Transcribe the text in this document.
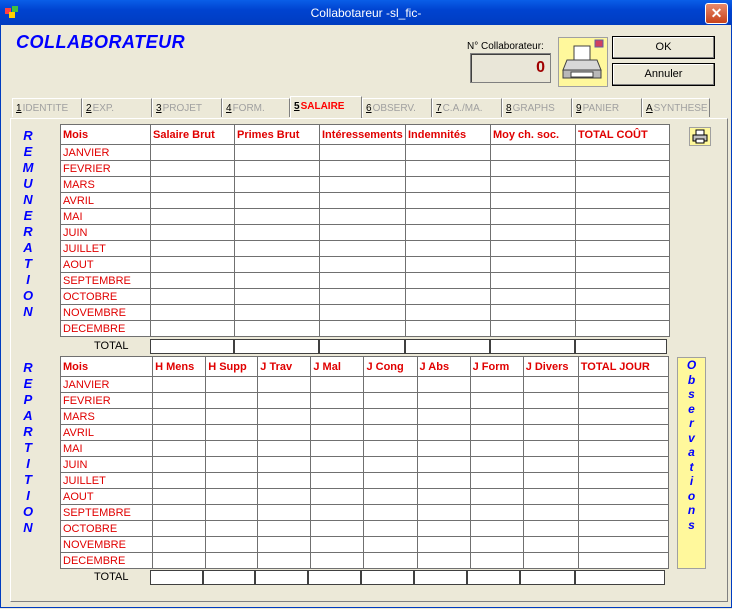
Collabotareur -sl_fic-	✕
COLLABORATEUR	N° Collaborateur:
0
OK
Annuler
1IDENTITE	2EXP.	3PROJET	4FORM.	5SALAIRE	6OBSERV.	7C.A./MA.	8GRAPHS	9PANIER	ASYNTHESE
R
E
M
U
N
E
R
A
T
I
O
N
R
E
P
A
R
T
I
T
I
O
N
Mois	Salaire Brut	Primes Brut	Intéressements	Indemnités	Moy ch. soc.	TOTAL COÛT
JANVIER						
FEVRIER						
MARS						
AVRIL						
MAI						
JUIN						
JUILLET						
AOUT						
SEPTEMBRE						
OCTOBRE						
NOVEMBRE						
DECEMBRE						
TOTAL
Mois	H Mens	H Supp	J Trav	J Mal	J Cong	J Abs	J Form	J Divers	TOTAL JOUR
JANVIER									
FEVRIER									
MARS									
AVRIL									
MAI									
JUIN									
JUILLET									
AOUT									
SEPTEMBRE									
OCTOBRE									
NOVEMBRE									
DECEMBRE									
TOTAL
O
b
s
e
r
v
a
t
i
o
n
s
